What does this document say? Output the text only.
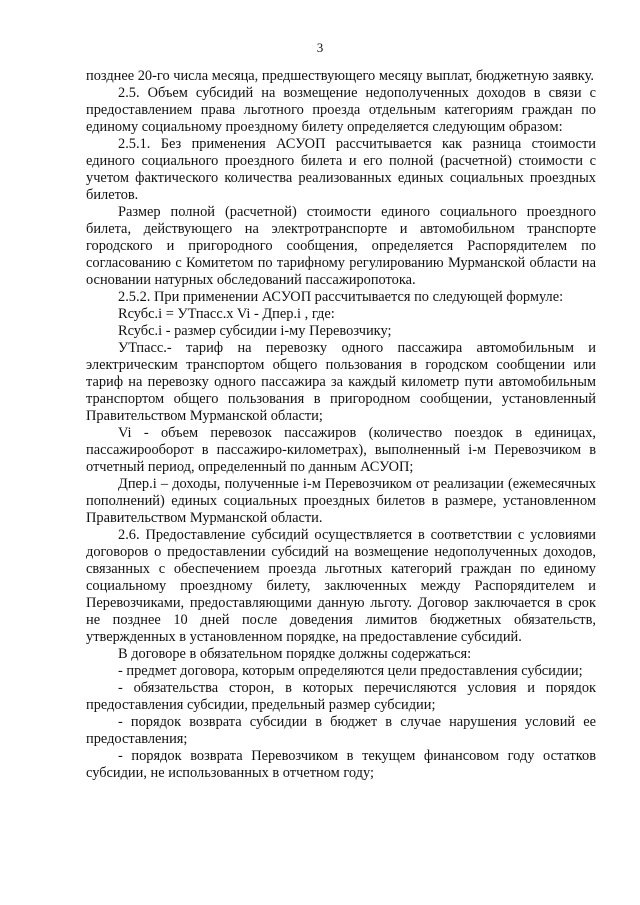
3

позднее 20-го числа месяца, предшествующего месяцу выплат, бюджетную заявку.

2.5. Объем субсидий на возмещение недополученных доходов в связи с предоставлением права льготного проезда отдельным категориям граждан по единому социальному проездному билету определяется следующим образом:

2.5.1. Без применения АСУОП рассчитывается как разница стоимости единого социального проездного билета и его полной (расчетной) стоимости с учетом фактического количества реализованных единых социальных проездных билетов.

Размер полной (расчетной) стоимости единого социального проездного билета, действующего на электротранспорте и автомобильном транспорте городского и пригородного сообщения, определяется Распорядителем по согласованию с Комитетом по тарифному регулированию Мурманской области на основании натурных обследований пассажиропотока.

2.5.2. При применении АСУОП рассчитывается по следующей формуле:

Rсубс.i = УТпасс.x Vi - Дпер.i , где:

Rсубс.i - размер субсидии i-му Перевозчику;

УТпасс.- тариф на перевозку одного пассажира автомобильным и электрическим транспортом общего пользования в городском сообщении или тариф на перевозку одного пассажира за каждый километр пути автомобильным транспортом общего пользования в пригородном сообщении, установленный Правительством Мурманской области;

Vi - объем перевозок пассажиров (количество поездок в единицах, пассажирооборот в пассажиро-километрах), выполненный i-м Перевозчиком в отчетный период, определенный по данным АСУОП;

Дпер.i – доходы, полученные i-м Перевозчиком от реализации (ежемесячных пополнений) единых социальных проездных билетов в размере, установленном Правительством Мурманской области.

2.6. Предоставление субсидий осуществляется в соответствии с условиями договоров о предоставлении субсидий на возмещение недополученных доходов, связанных с обеспечением проезда льготных категорий граждан по единому социальному проездному билету, заключенных между Распорядителем и Перевозчиками, предоставляющими данную льготу. Договор заключается в срок не позднее 10 дней после доведения лимитов бюджетных обязательств, утвержденных в установленном порядке, на предоставление субсидий.

В договоре в обязательном порядке должны содержаться:

- предмет договора, которым определяются цели предоставления субсидии;

- обязательства сторон, в которых перечисляются условия и порядок предоставления субсидии, предельный размер субсидии;

- порядок возврата субсидии в бюджет в случае нарушения условий ее предоставления;

- порядок возврата Перевозчиком в текущем финансовом году остатков субсидии, не использованных в отчетном году;
